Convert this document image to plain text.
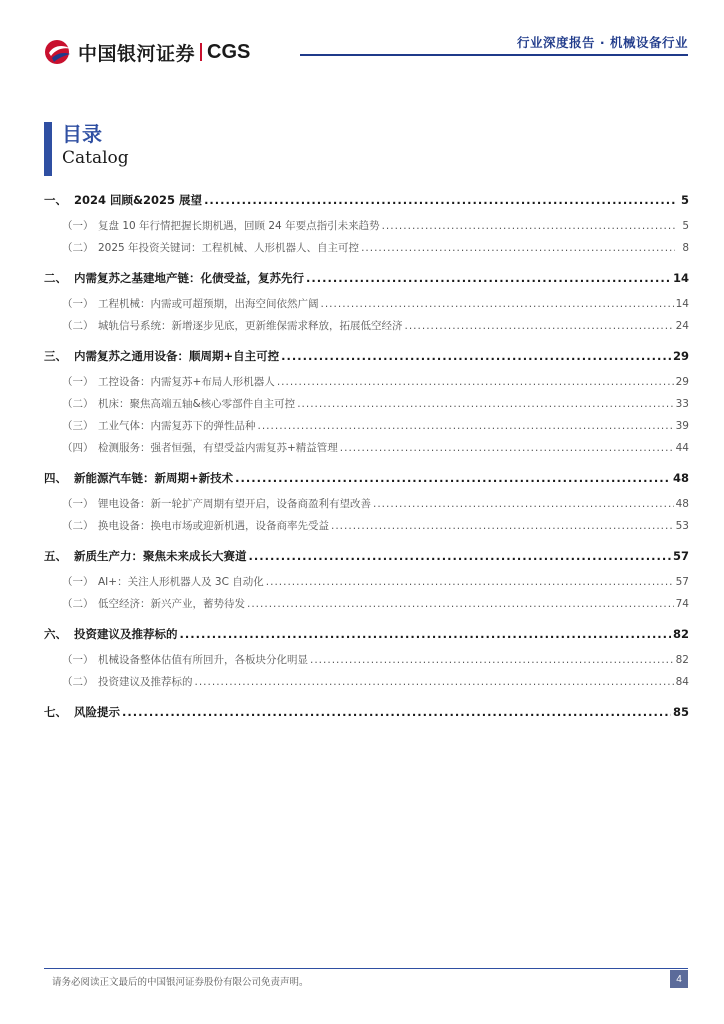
中国银河证券 CGS	行业深度报告 · 机械设备行业
目录
Catalog
一、 2024 回顾&2025 展望 .....	5
（一） 复盘 10 年行情把握长期机遇，回顾 24 年要点指引未来趋势 .....	5
（二） 2025 年投资关键词：工程机械、人形机器人、自主可控 .....	8
二、 内需复苏之基建地产链：化债受益，复苏先行 .....	14
（一） 工程机械：内需或可超预期，出海空间依然广阔 .....	14
（二） 城轨信号系统：新增逐步见底，更新维保需求释放，拓展低空经济 .....	24
三、 内需复苏之通用设备：顺周期+自主可控 .....	29
（一） 工控设备：内需复苏+布局人形机器人 .....	29
（二） 机床：聚焦高端五轴&核心零部件自主可控 .....	33
（三） 工业气体：内需复苏下的弹性品种 .....	39
（四） 检测服务：强者恒强，有望受益内需复苏+精益管理 .....	44
四、 新能源汽车链：新周期+新技术 .....	48
（一） 锂电设备：新一轮扩产周期有望开启，设备商盈利有望改善 .....	48
（二） 换电设备：换电市场或迎新机遇，设备商率先受益 .....	53
五、 新质生产力：聚焦未来成长大赛道 .....	57
（一） AI+：关注人形机器人及 3C 自动化 .....	57
（二） 低空经济：新兴产业，蓄势待发 .....	74
六、 投资建议及推荐标的 .....	82
（一） 机械设备整体估值有所回升，各板块分化明显 .....	82
（二） 投资建议及推荐标的 .....	84
七、 风险提示 .....	85
请务必阅读正文最后的中国银河证券股份有限公司免责声明。	4
